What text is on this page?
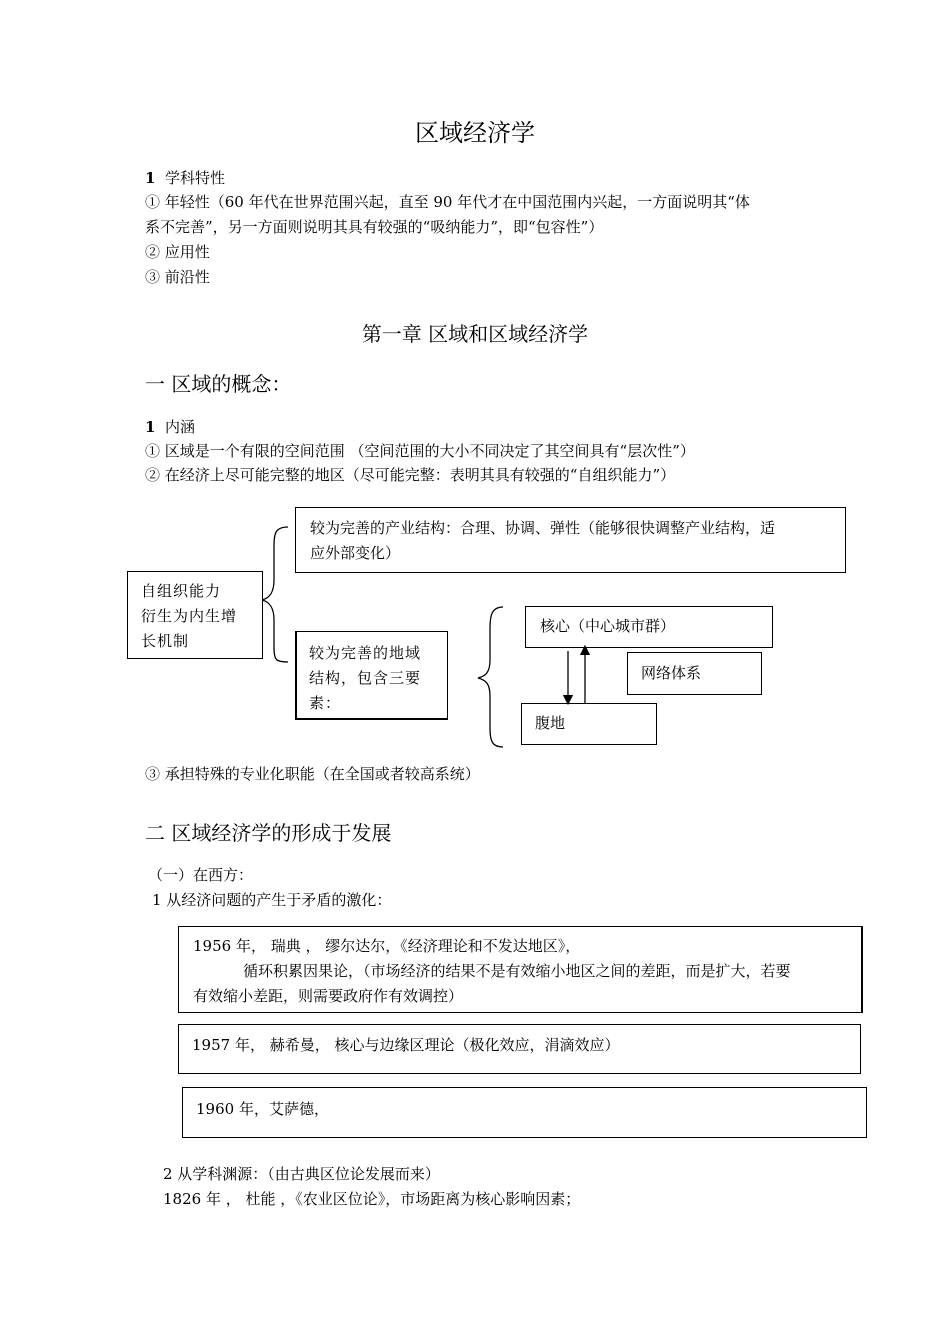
区域经济学
1 学科特性
① 年轻性（60 年代在世界范围兴起，直至 90 年代才在中国范围内兴起，一方面说明其“体
系不完善”，另一方面则说明其具有较强的“吸纳能力”，即“包容性”）
② 应用性
③ 前沿性
第一章 区域和区域经济学
一 区域的概念：
1 内涵
① 区域是一个有限的空间范围 （空间范围的大小不同决定了其空间具有“层次性”）
② 在经济上尽可能完整的地区（尽可能完整：表明其具有较强的“自组织能力”）
自组织能力
衍生为内生增
长机制
较为完善的产业结构：合理、协调、弹性（能够很快调整产业结构，适
应外部变化）
较为完善的地域
结构，包含三要
素：
核心（中心城市群）
网络体系
腹地
③ 承担特殊的专业化职能（在全国或者较高系统）
二 区域经济学的形成于发展
（一）在西方：
1 从经济问题的产生于矛盾的激化：
1956 年， 瑞典 ， 缪尔达尔，《经济理论和不发达地区》，
循环积累因果论，（市场经济的结果不是有效缩小地区之间的差距，而是扩大，若要
有效缩小差距，则需要政府作有效调控）
1957 年， 赫希曼， 核心与边缘区理论（极化效应，涓滴效应）
1960 年，艾萨德，
2 从学科渊源：（由古典区位论发展而来）
1826 年 ， 杜能 ，《农业区位论》，市场距离为核心影响因素；
